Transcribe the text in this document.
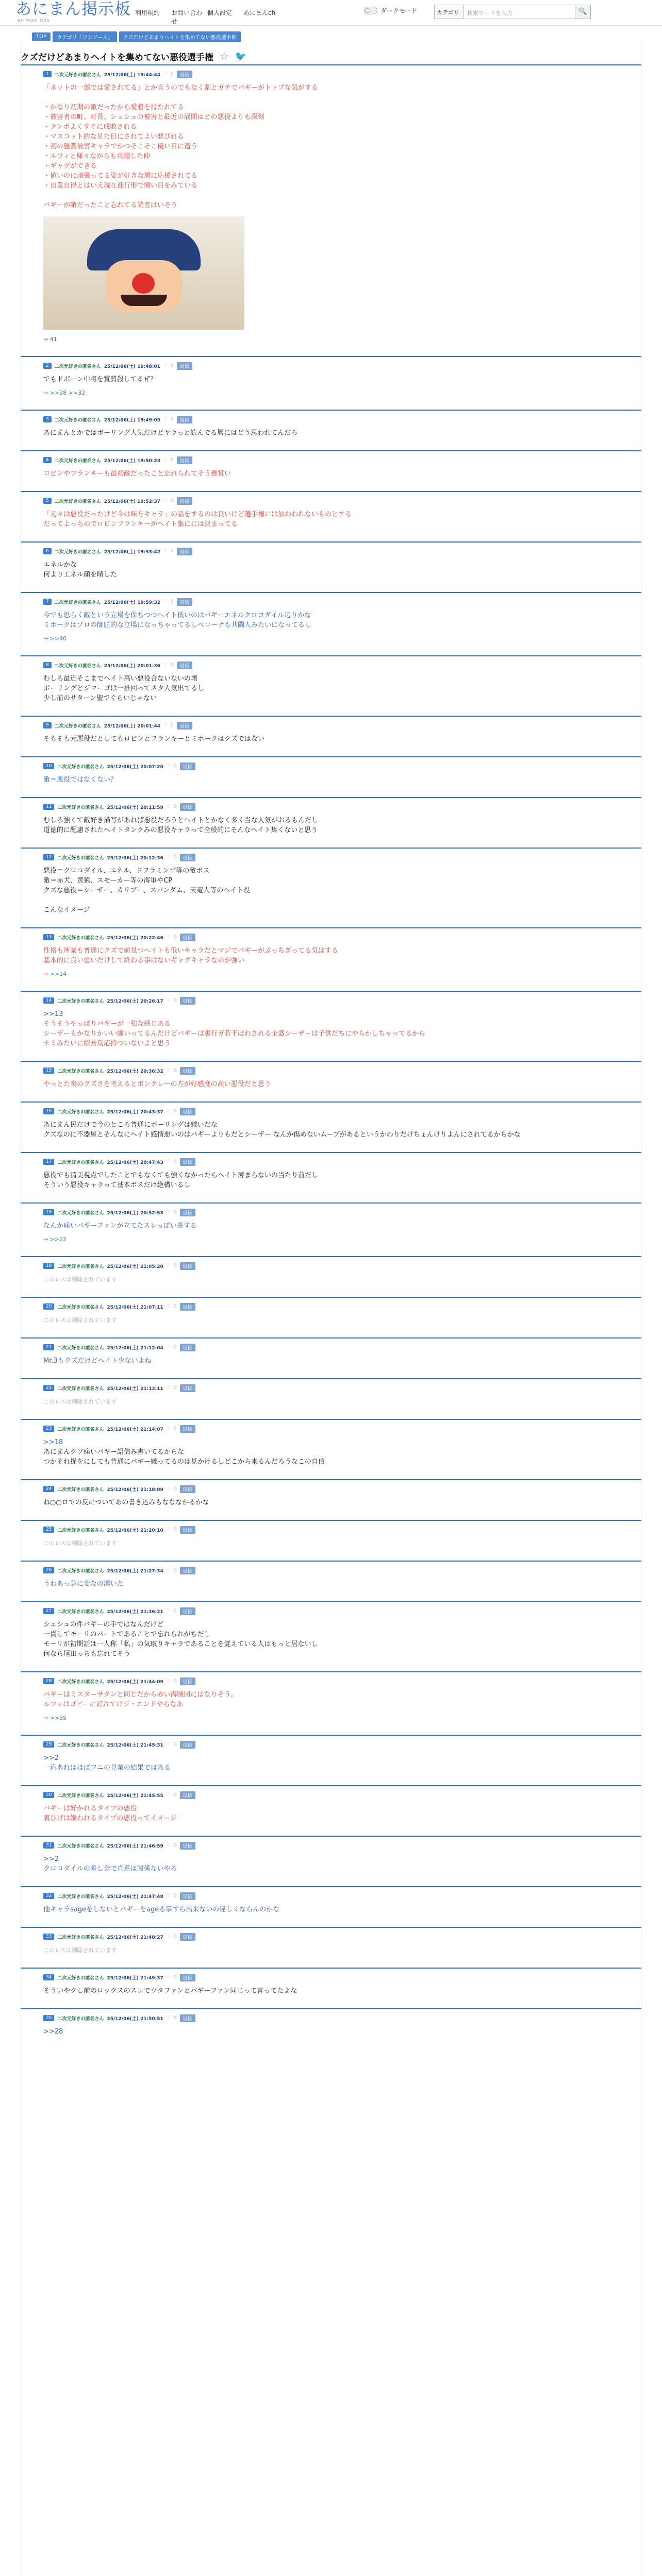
あにまん掲示板
animan bbs
利用規約	お問い合わせ
個人設定	あにまんch	ダークモード	カテゴリ	検索ワードを入力	🔍
TOP	カテゴリ「ワンピース」	クズだけどあまりヘイトを集めてない悪役選手権
クズだけどあまりヘイトを集めてない悪役選手権 ☆ 🐦
1	二次元好きの匿名さん 25/12/06(土) 19:44:44 ♡ 0	返信
「ネットの一部では愛されてる」とか言うのでもなく割とガチでバギーがトップな気がする

・かなり初期の敵だったから愛着を持たれてる
・被害者の町、町長、シュシュの被害と最近の展開はどの悪役よりも深刻
・テンポよくすぐに成敗される
・マスコット的な見た目にされてよい悪びれる
・初の懸賞被害キャラでかつそこそこ優い目に遭う
・ルフィと様々ながらも共闘した仲
・ギャグができる
・値いのに頑張ってる姿が好きな層に応援されてる
・自業自得とはいえ現在進行形で痛い目をみている

バギーが敵だったこと忘れてる読者はいそう
↪ 41
2	二次元好きの匿名さん 25/12/06(土) 19:48:01 ♡ 0	返信
でもドボーン中将を賞賛殺してるぜ？
↪ >>28 >>32
3	二次元好きの匿名さん 25/12/06(土) 19:49:05 ♡ 0	返信
あにまんとかではボーリング人気だけどヤラっと読んでる層にはどう思われてんだろ
4	二次元好きの匿名さん 25/12/06(土) 19:50:23 ♡ 0	返信
ロビンやフランキーも最初敵だったこと忘れられてそう懸賞い
5	二次元好きの匿名さん 25/12/06(土) 19:52:37 ♡ 0	返信
「元々は悪役だったけど今は味方キャラ」の話をするのは良いけど選手権には加わわれないものとする
だってよっちのでロビンフランキーがヘイト集にには決まってる
6	二次元好きの匿名さん 25/12/06(土) 19:53:42 ♡ 0	返信
エネルかな
何より工ネル顔を晴した
7	二次元好きの匿名さん 25/12/06(土) 19:59:32 ♡ 0	返信
今でも恐らく敵という立場を保ちつつヘイト低いのはバギーエネルクロコダイル辺りかな
ミホークはゾロの師匠的な立場になっちゃってるしペローナも共闘人みたいになってるし
↪ >>40
8	二次元好きの匿名さん 25/12/06(土) 20:01:36 ♡ 0	返信
むしろ最近そこまでヘイト高い悪役合ないないの壊
ボーリングとジマーゴは一推回ってネタ人気出てるし
少し前のサターン聖でぐらいじゃない
9	二次元好きの匿名さん 25/12/06(土) 20:01:44 ♡ 0	返信
そもそも元悪役だとしてもロビンとフランキーとミホークはクズではない
10	二次元好きの匿名さん 25/12/06(土) 20:07:20 ♡ 0	返信
敵＝悪役ではなくない？
11	二次元好きの匿名さん 25/12/06(土) 20:11:59 ♡ 0	返信
むしろ強くて敵好き描写があれば悪役だろうとヘイトとかなく多く当な人気がおるもんだし
道徳的に配慮されたヘイトタンクみの悪役キャラって全般的にそんなヘイト集くないと思う
12	二次元好きの匿名さん 25/12/06(土) 20:12:36 ♡ 0	返信
悪役＝クロコダイル、エネル、ドフラミンゴ等の敵ボス
敵＝赤犬、黄猿、スモーカー等の海軍やCP
クズな悪役＝シーザー、カリブー、スパンダム、天竜人等のヘイト役

こんなイメージ
13	二次元好きの匿名さん 25/12/06(土) 20:22:46 ♡ 0	返信
性格も所業も普通にクズで前見つヘイトも低いキャラだとマジでバギーがぶっちぎってる気はする
基本的に良い思いだけして終わる事はないギャグキャラなのが強い
↪ >>14
14	二次元好きの匿名さん 25/12/06(土) 20:26:17 ♡ 0	返信
>>13
そうそうやっぱりバギーが一強な感じある
シーザーもかなりかいい線いってるんだけどバギーは裏行ガ若干ぼれされる全盛シーザーは子供だちにやらかしちゃってるから
ナミみたいに紹吾反応持ついないよと思う
15	二次元好きの匿名さん 25/12/06(土) 20:36:32 ♡ 0	返信
やっとた奏のクズさを考えるとボンクレーの方が好感度の高い悪役だと思う
16	二次元好きの匿名さん 25/12/06(土) 20:43:37 ♡ 0	返信
あにまん民だけで今のところ普通にボーリングは嫌いだな
クズなのに不器屋とそんなにヘイト感情悪いのはバギーよりもだとシーザー なんか傷めないムーブがあるというかわりだけちょんけりよんにされてるからかな
17	二次元好きの匿名さん 25/12/06(土) 20:47:43 ♡ 0	返信
悪役でも清美視点でしたことでもなくても強くなかったらヘイト薄まらないの当たり前だし
そういう悪役キャラって基本ボスだけ絶構いるし
18	二次元好きの匿名さん 25/12/06(土) 20:52:53 ♡ 0	返信
なんか痛いバギーファンが立てたスレっぽい裏する
↪ >>22
19	二次元好きの匿名さん 25/12/06(土) 21:05:20 ♡ 0	返信
このレスは削除されています
20	二次元好きの匿名さん 25/12/06(土) 21:07:11 ♡ 0	返信
このレスは削除されています
21	二次元好きの匿名さん 25/12/06(土) 21:12:04 ♡ 0	返信
Mr.3もクズだけどヘイト少ないよね
22	二次元好きの匿名さん 25/12/06(土) 21:13:11 ♡ 0	返信
このレスは削除されています
23	二次元好きの匿名さん 25/12/06(土) 21:14:07 ♡ 0	返信
>>18
あにまんクソ痛いバギー語信み書いてるからな
つかそれ捉をにしても普通にバギー嫌ってるのは見かけるしどこから来るんだろうなこの自信
24	二次元好きの匿名さん 25/12/06(土) 21:18:09 ♡ 0	返信
ね○○ロでの反についてあの書き込みもなななかるかな
25	二次元好きの匿名さん 25/12/06(土) 21:20:10 ♡ 0	返信
このレスは削除されています
26	二次元好きの匿名さん 25/12/06(土) 21:27:34 ♡ 0	返信
うわあっ急に変なの湧いた
27	二次元好きの匿名さん 25/12/06(土) 21:36:21 ♡ 0	返信
シュシュの件バギーの手ではなんだけど
一貫してモーリのパートであることで忘れられがちだし
モーリが初期話は一人称「私」の気取りキャラであることを覚えている人はもっと居ないし
何なら尾田っちも忘れてそう
28	二次元好きの匿名さん 25/12/06(土) 21:44:09 ♡ 0	返信
バギーはミスターサタンと同じだから赤い海賊団にはなりそう。
ルフィはゴピーに訂れてけジ・エンドやらなあ
↪ >>35
29	二次元好きの匿名さん 25/12/06(土) 21:45:31 ♡ 0	返信
>>2
一応あれはほぼワニの見業の結果ではある
30	二次元好きの匿名さん 25/12/06(土) 21:45:55 ♡ 0	返信
バギーは好かれるタイプの悪役
裏ひげは嫌われるタイプの悪役ってイメージ
31	二次元好きの匿名さん 25/12/06(土) 21:46:59 ♡ 0	返信
>>2
クロコダイルの差し金で直系は関係ないやろ
32	二次元好きの匿名さん 25/12/06(土) 21:47:48 ♡ 0	返信
他キャラsageをしないとバギーをageる事すら出来ないの違しくならんのかな
33	二次元好きの匿名さん 25/12/06(土) 21:48:27 ♡ 0	返信
このレスは削除されています
34	二次元好きの匿名さん 25/12/06(土) 21:49:37 ♡ 0	返信
そういやクし前のロックスのスレでウタファンとバギーファン同じって言ってたよな
35	二次元好きの匿名さん 25/12/06(土) 21:50:51 ♡ 0	返信
>>28
